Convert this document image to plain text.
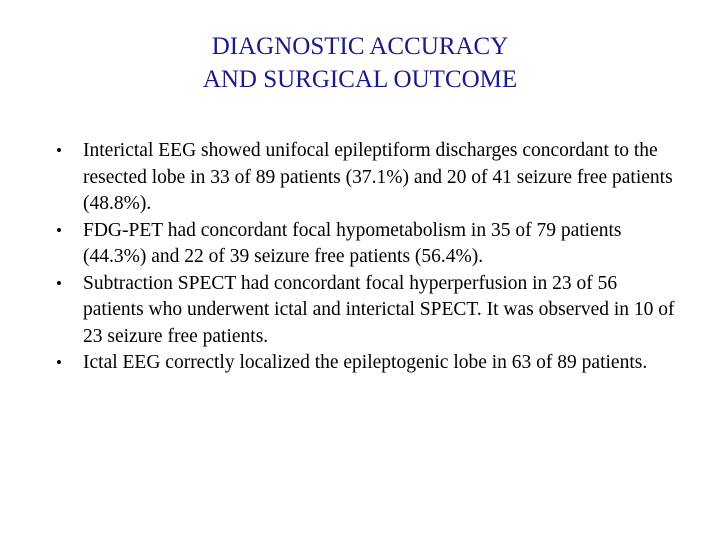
DIAGNOSTIC ACCURACY
AND SURGICAL OUTCOME
• Interictal EEG showed unifocal epileptiform discharges concordant to the resected lobe in 33 of 89 patients (37.1%) and 20 of 41 seizure free patients (48.8%).
• FDG-PET had concordant focal hypometabolism in 35 of 79 patients (44.3%) and 22 of 39 seizure free patients (56.4%).
• Subtraction SPECT had concordant focal hyperperfusion in 23 of 56 patients who underwent ictal and interictal SPECT. It was observed in 10 of 23 seizure free patients.
• Ictal EEG correctly localized the epileptogenic lobe in 63 of 89 patients.
